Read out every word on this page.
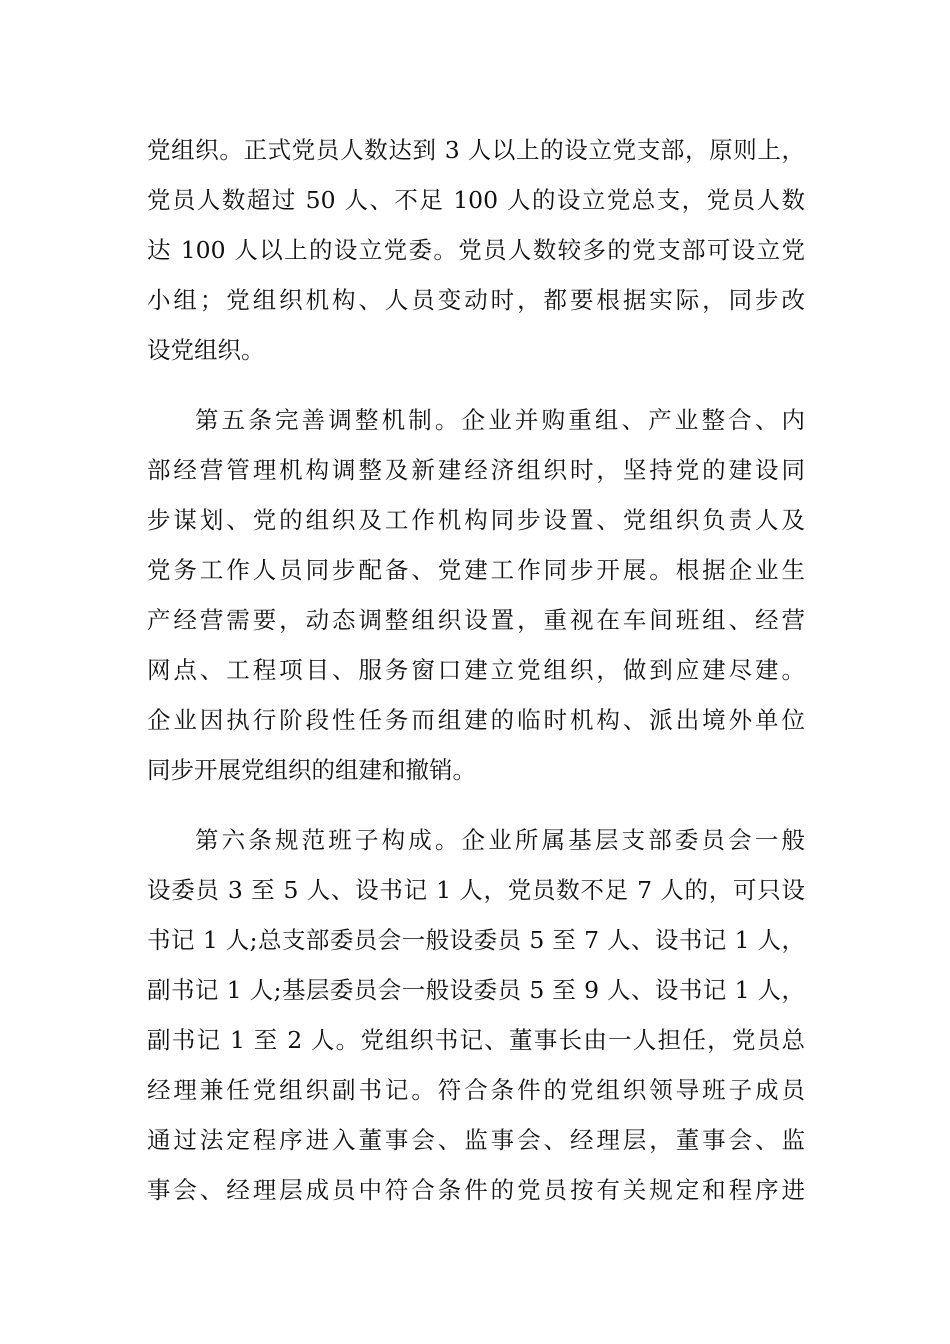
党组织。正式党员人数达到 3 人以上的设立党支部，原则上，
党员人数超过 50 人、不足 100 人的设立党总支，党员人数
达 100 人以上的设立党委。党员人数较多的党支部可设立党
小组；党组织机构、人员变动时，都要根据实际，同步改
设党组织。
第五条完善调整机制。企业并购重组、产业整合、内
部经营管理机构调整及新建经济组织时，坚持党的建设同
步谋划、党的组织及工作机构同步设置、党组织负责人及
党务工作人员同步配备、党建工作同步开展。根据企业生
产经营需要，动态调整组织设置，重视在车间班组、经营
网点、工程项目、服务窗口建立党组织，做到应建尽建。
企业因执行阶段性任务而组建的临时机构、派出境外单位
同步开展党组织的组建和撤销。
第六条规范班子构成。企业所属基层支部委员会一般
设委员 3 至 5 人、设书记 1 人，党员数不足 7 人的，可只设
书记 1 人;总支部委员会一般设委员 5 至 7 人、设书记 1 人，
副书记 1 人;基层委员会一般设委员 5 至 9 人、设书记 1 人，
副书记 1 至 2 人。党组织书记、董事长由一人担任，党员总
经理兼任党组织副书记。符合条件的党组织领导班子成员
通过法定程序进入董事会、监事会、经理层，董事会、监
事会、经理层成员中符合条件的党员按有关规定和程序进
